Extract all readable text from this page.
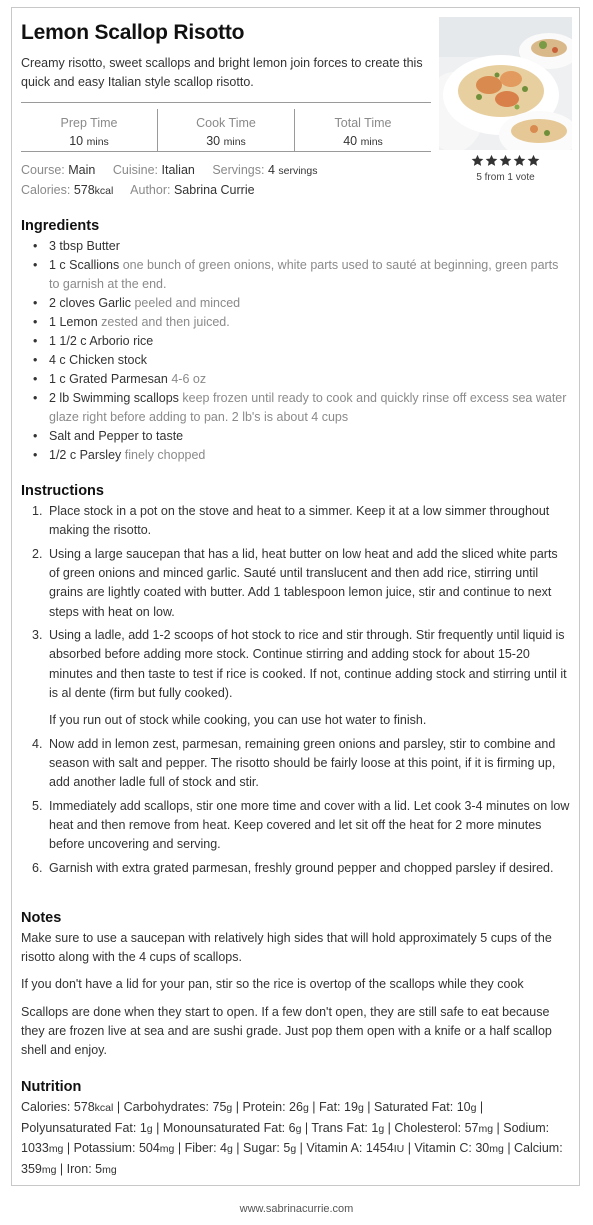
Lemon Scallop Risotto
Creamy risotto, sweet scallops and bright lemon join forces to create this quick and easy Italian style scallop risotto.
Prep Time
10 mins
Cook Time
30 mins
Total Time
40 mins
5 from 1 vote
Course: Main Cuisine: Italian Servings: 4 servings
Calories: 578kcal Author: Sabrina Currie
Ingredients
• 3 tbsp Butter
• 1 c Scallions one bunch of green onions, white parts used to sauté at beginning, green parts to garnish at the end.
• 2 cloves Garlic peeled and minced
• 1 Lemon zested and then juiced.
• 1 1/2 c Arborio rice
• 4 c Chicken stock
• 1 c Grated Parmesan 4-6 oz
• 2 lb Swimming scallops keep frozen until ready to cook and quickly rinse off excess sea water glaze right before adding to pan. 2 lb's is about 4 cups
• Salt and Pepper to taste
• 1/2 c Parsley finely chopped
Instructions
1. Place stock in a pot on the stove and heat to a simmer. Keep it at a low simmer throughout making the risotto.

2. Using a large saucepan that has a lid, heat butter on low heat and add the sliced white parts of green onions and minced garlic. Sauté until translucent and then add rice, stirring until grains are lightly coated with butter. Add 1 tablespoon lemon juice, stir and continue to next steps with heat on low.

3. Using a ladle, add 1-2 scoops of hot stock to rice and stir through. Stir frequently until liquid is absorbed before adding more stock. Continue stirring and adding stock for about 15-20 minutes and then taste to test if rice is cooked. If not, continue adding stock and stirring until it is al dente (firm but fully cooked).

If you run out of stock while cooking, you can use hot water to finish.

4. Now add in lemon zest, parmesan, remaining green onions and parsley, stir to combine and season with salt and pepper. The risotto should be fairly loose at this point, if it is firming up, add another ladle full of stock and stir.

5. Immediately add scallops, stir one more time and cover with a lid. Let cook 3-4 minutes on low heat and then remove from heat. Keep covered and let sit off the heat for 2 more minutes before uncovering and serving.

6. Garnish with extra grated parmesan, freshly ground pepper and chopped parsley if desired.

Notes

Make sure to use a saucepan with relatively high sides that will hold approximately 5 cups of the risotto along with the 4 cups of scallops.

If you don't have a lid for your pan, stir so the rice is overtop of the scallops while they cook

Scallops are done when they start to open. If a few don't open, they are still safe to eat because they are frozen live at sea and are sushi grade. Just pop them open with a knife or a half scallop shell and enjoy.

Nutrition
Calories: 578kcal | Carbohydrates: 75g | Protein: 26g | Fat: 19g | Saturated Fat: 10g | Polyunsaturated Fat: 1g | Monounsaturated Fat: 6g | Trans Fat: 1g | Cholesterol: 57mg | Sodium: 1033mg | Potassium: 504mg | Fiber: 4g | Sugar: 5g | Vitamin A: 1454IU | Vitamin C: 30mg | Calcium: 359mg | Iron: 5mg
www.sabrinacurrie.com
